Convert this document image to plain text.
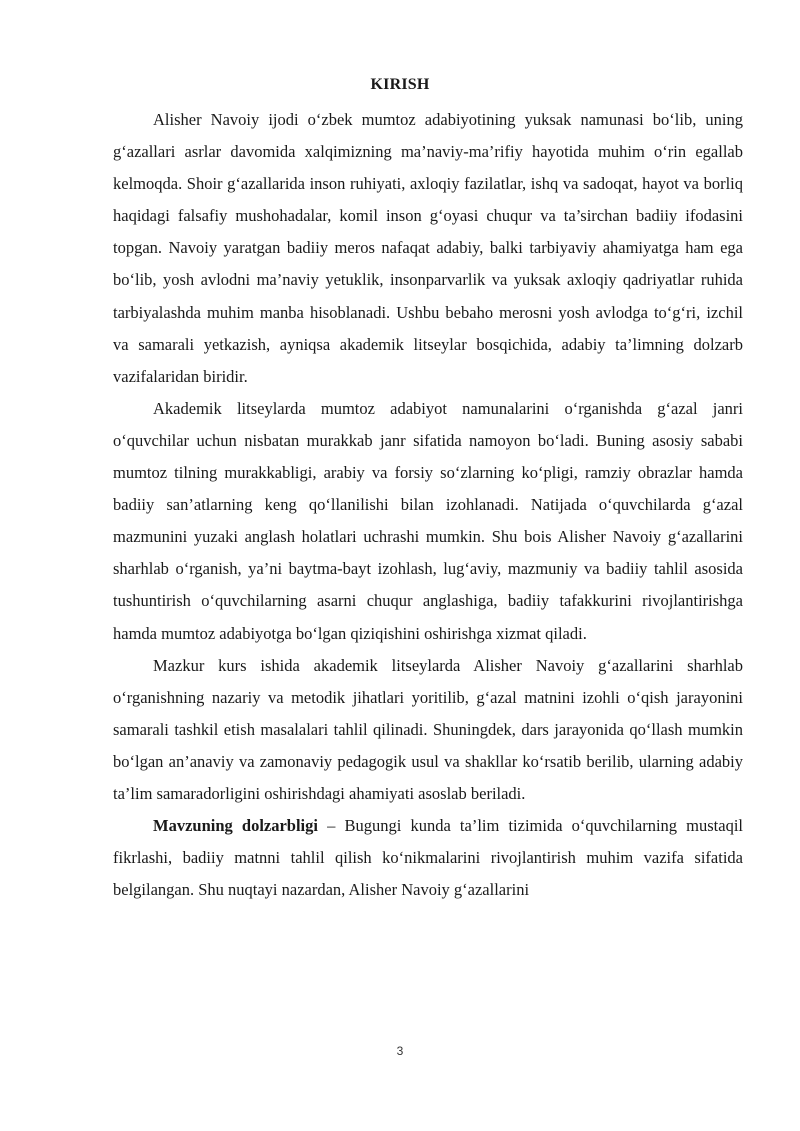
KIRISH

Alisher Navoiy ijodi o‘zbek mumtoz adabiyotining yuksak namunasi bo‘lib, uning g‘azallari asrlar davomida xalqimizning ma’naviy-ma’rifiy hayotida muhim o‘rin egallab kelmoqda. Shoir g‘azallarida inson ruhiyati, axloqiy fazilatlar, ishq va sadoqat, hayot va borliq haqidagi falsafiy mushohadalar, komil inson g‘oyasi chuqur va ta’sirchan badiiy ifodasini topgan. Navoiy yaratgan badiiy meros nafaqat adabiy, balki tarbiyaviy ahamiyatga ham ega bo‘lib, yosh avlodni ma’naviy yetuklik, insonparvarlik va yuksak axloqiy qadriyatlar ruhida tarbiyalashda muhim manba hisoblanadi. Ushbu bebaho merosni yosh avlodga to‘g‘ri, izchil va samarali yetkazish, ayniqsa akademik litseylar bosqichida, adabiy ta’limning dolzarb vazifalaridan biridir.

Akademik litseylarda mumtoz adabiyot namunalarini o‘rganishda g‘azal janri o‘quvchilar uchun nisbatan murakkab janr sifatida namoyon bo‘ladi. Buning asosiy sababi mumtoz tilning murakkabligi, arabiy va forsiy so‘zlarning ko‘pligi, ramziy obrazlar hamda badiiy san’atlarning keng qo‘llanilishi bilan izohlanadi. Natijada o‘quvchilarda g‘azal mazmunini yuzaki anglash holatlari uchrashi mumkin. Shu bois Alisher Navoiy g‘azallarini sharhlab o‘rganish, ya’ni baytma-bayt izohlash, lug‘aviy, mazmuniy va badiiy tahlil asosida tushuntirish o‘quvchilarning asarni chuqur anglashiga, badiiy tafakkurini rivojlantirishga hamda mumtoz adabiyotga bo‘lgan qiziqishini oshirishga xizmat qiladi.

Mazkur kurs ishida akademik litseylarda Alisher Navoiy g‘azallarini sharhlab o‘rganishning nazariy va metodik jihatlari yoritilib, g‘azal matnini izohli o‘qish jarayonini samarali tashkil etish masalalari tahlil qilinadi. Shuningdek, dars jarayonida qo‘llash mumkin bo‘lgan an’anaviy va zamonaviy pedagogik usul va shakllar ko‘rsatib berilib, ularning adabiy ta’lim samaradorligini oshirishdagi ahamiyati asoslab beriladi.

Mavzuning dolzarbligi – Bugungi kunda ta’lim tizimida o‘quvchilarning mustaqil fikrlashi, badiiy matnni tahlil qilish ko‘nikmalarini rivojlantirish muhim vazifa sifatida belgilangan. Shu nuqtayi nazardan, Alisher Navoiy g‘azallarini

3
